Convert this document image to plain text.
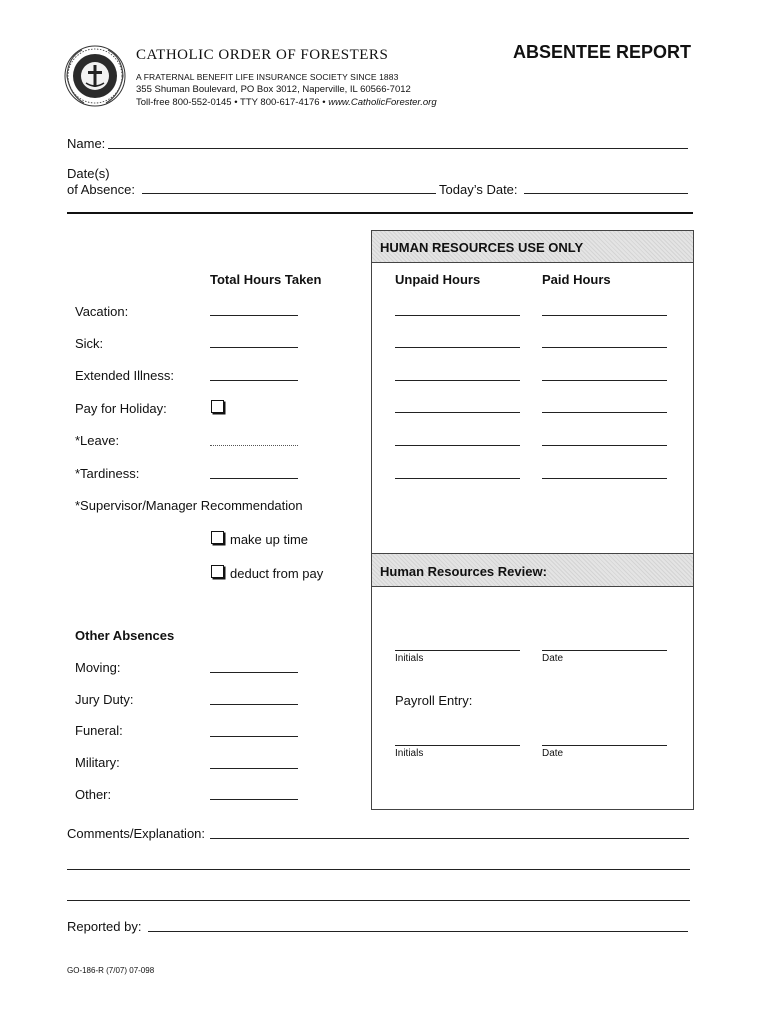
CATHOLIC ORDER OF FORESTERS
A FRATERNAL BENEFIT LIFE INSURANCE SOCIETY SINCE 1883
355 Shuman Boulevard, PO Box 3012, Naperville, IL 60566-7012
Toll-free 800-552-0145 • TTY 800-617-4176 • www.CatholicForester.org
ABSENTEE REPORT
Name:
Date(s)
of Absence:	Today’s Date:
HUMAN RESOURCES USE ONLY
Total Hours Taken	Unpaid Hours	Paid Hours
Vacation:
Sick:
Extended Illness:
Pay for Holiday:
*Leave:
*Tardiness:
*Supervisor/Manager Recommendation
make up time
deduct from pay	Human Resources Review:
Initials	Date
Payroll Entry:
Initials	Date
Other Absences
Moving:
Jury Duty:
Funeral:
Military:
Other:
Comments/Explanation:
Reported by:
GO-186-R (7/07) 07-098
